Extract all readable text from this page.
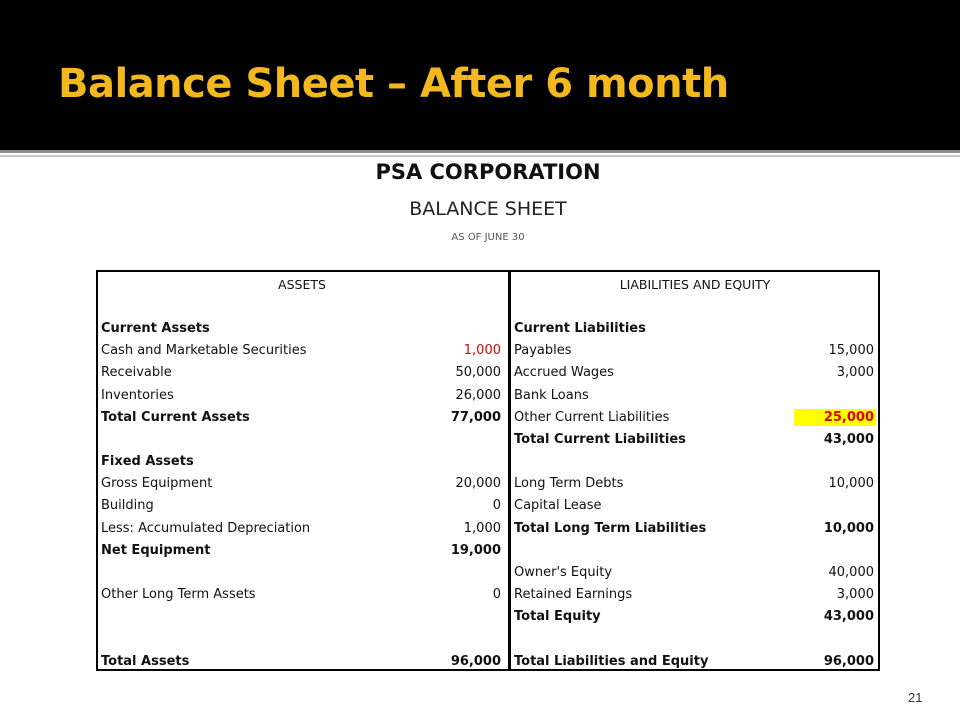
Balance Sheet – After 6 month
PSA CORPORATION
BALANCE SHEET
AS OF JUNE 30
ASSETS
Current Assets
Cash and Marketable Securities	1,000
Receivable	50,000
Inventories	26,000
Total Current Assets	77,000
Fixed Assets
Gross Equipment	20,000
Building	0
Less: Accumulated Depreciation	1,000
Net Equipment	19,000
Other Long Term Assets	0
Total Assets	96,000
LIABILITIES AND EQUITY
Current Liabilities
Payables	15,000
Accrued Wages	3,000
Bank Loans
Other Current Liabilities	25,000
Total Current Liabilities	43,000
Long Term Debts	10,000
Capital Lease
Total Long Term Liabilities	10,000
Owner's Equity	40,000
Retained Earnings	3,000
Total Equity	43,000
Total Liabilities and Equity	96,000
21
